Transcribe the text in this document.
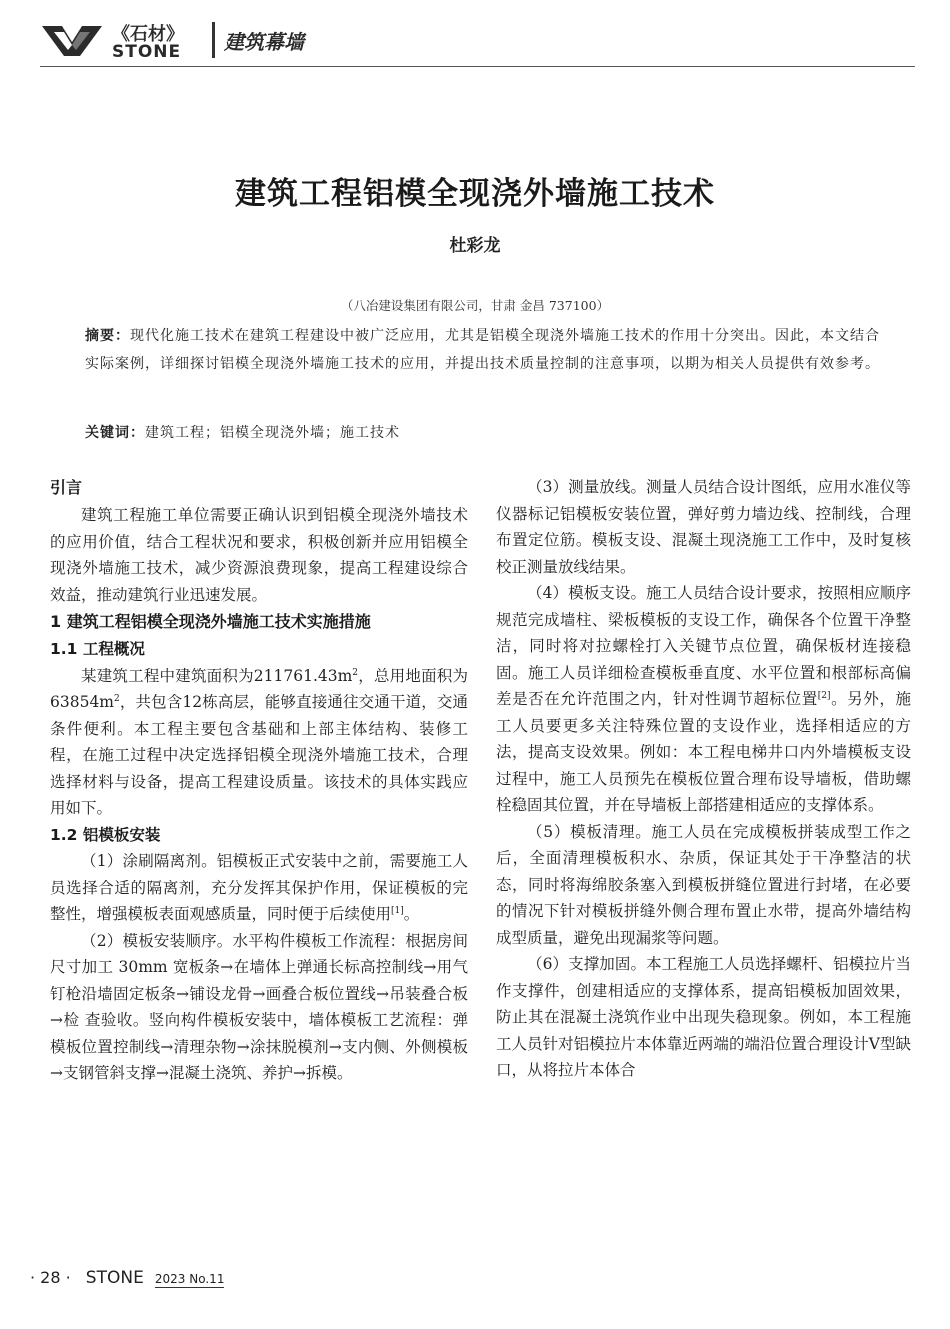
《石材》
STONE 建筑幕墙
建筑工程铝模全现浇外墙施工技术
杜彩龙
（八冶建设集团有限公司，甘肃 金昌 737100）
摘要：现代化施工技术在建筑工程建设中被广泛应用，尤其是铝模全现浇外墙施工技术的作用十分突出。因此，本文结合实际案例，详细探讨铝模全现浇外墙施工技术的应用，并提出技术质量控制的注意事项，以期为相关人员提供有效参考。
关键词：建筑工程；铝模全现浇外墙；施工技术
引言

建筑工程施工单位需要正确认识到铝模全现浇外墙技术的应用价值，结合工程状况和要求，积极创新并应用铝模全现浇外墙施工技术，减少资源浪费现象，提高工程建设综合效益，推动建筑行业迅速发展。

1 建筑工程铝模全现浇外墙施工技术实施措施
1.1 工程概况

某建筑工程中建筑面积为$211761.43m^2$，总用地面积为$63854m^2$，共包含12栋高层，能够直接通往交通干道，交通条件便利。本工程主要包含基础和上部主体结构、装修工程，在施工过程中决定选择铝模全现浇外墙施工技术，合理选择材料与设备，提高工程建设质量。该技术的具体实践应用如下。

1.2 铝模板安装

（1）涂刷隔离剂。铝模板正式安装中之前，需要施工人员选择合适的隔离剂，充分发挥其保护作用，保证模板的完整性，增强模板表面观感质量，同时便于后续使用[1]。

（2）模板安装顺序。水平构件模板工作流程：根据房间尺寸加工 30mm 宽板条→在墙体上弹通长标高控制线→用气钉枪沿墙固定板条→铺设龙骨→画叠合板位置线→吊装叠合板→检 查验收。竖向构件模板安装中，墙体模板工艺流程：弹模板位置控制线→清理杂物→涂抹脱模剂→支内侧、外侧模板→支钢管斜支撑→混凝土浇筑、养护→拆模。

（3）测量放线。测量人员结合设计图纸，应用水准仪等仪器标记铝模板安装位置，弹好剪力墙边线、控制线，合理布置定位筋。模板支设、混凝土现浇施工工作中，及时复核校正测量放线结果。

（4）模板支设。施工人员结合设计要求，按照相应顺序规范完成墙柱、梁板模板的支设工作，确保各个位置干净整洁，同时将对拉螺栓打入关键节点位置，确保板材连接稳固。施工人员详细检查模板垂直度、水平位置和根部标高偏差是否在允许范围之内，针对性调节超标位置[2]。另外，施工人员要更多关注特殊位置的支设作业，选择相适应的方法，提高支设效果。例如：本工程电梯井口内外墙模板支设过程中，施工人员预先在模板位置合理布设导墙板，借助螺栓稳固其位置，并在导墙板上部搭建相适应的支撑体系。

（5）模板清理。施工人员在完成模板拼装成型工作之后，全面清理模板积水、杂质，保证其处于干净整洁的状态，同时将海绵胶条塞入到模板拼缝位置进行封堵，在必要的情况下针对模板拼缝外侧合理布置止水带，提高外墙结构成型质量，避免出现漏浆等问题。

（6）支撑加固。本工程施工人员选择螺杆、铝模拉片当作支撑件，创建相适应的支撑体系，提高铝模板加固效果，防止其在混凝土浇筑作业中出现失稳现象。例如，本工程施工人员针对铝模拉片本体靠近两端的端沿位置合理设计V型缺口，从将拉片本体合

· 28 · STONE 2023 No.11
